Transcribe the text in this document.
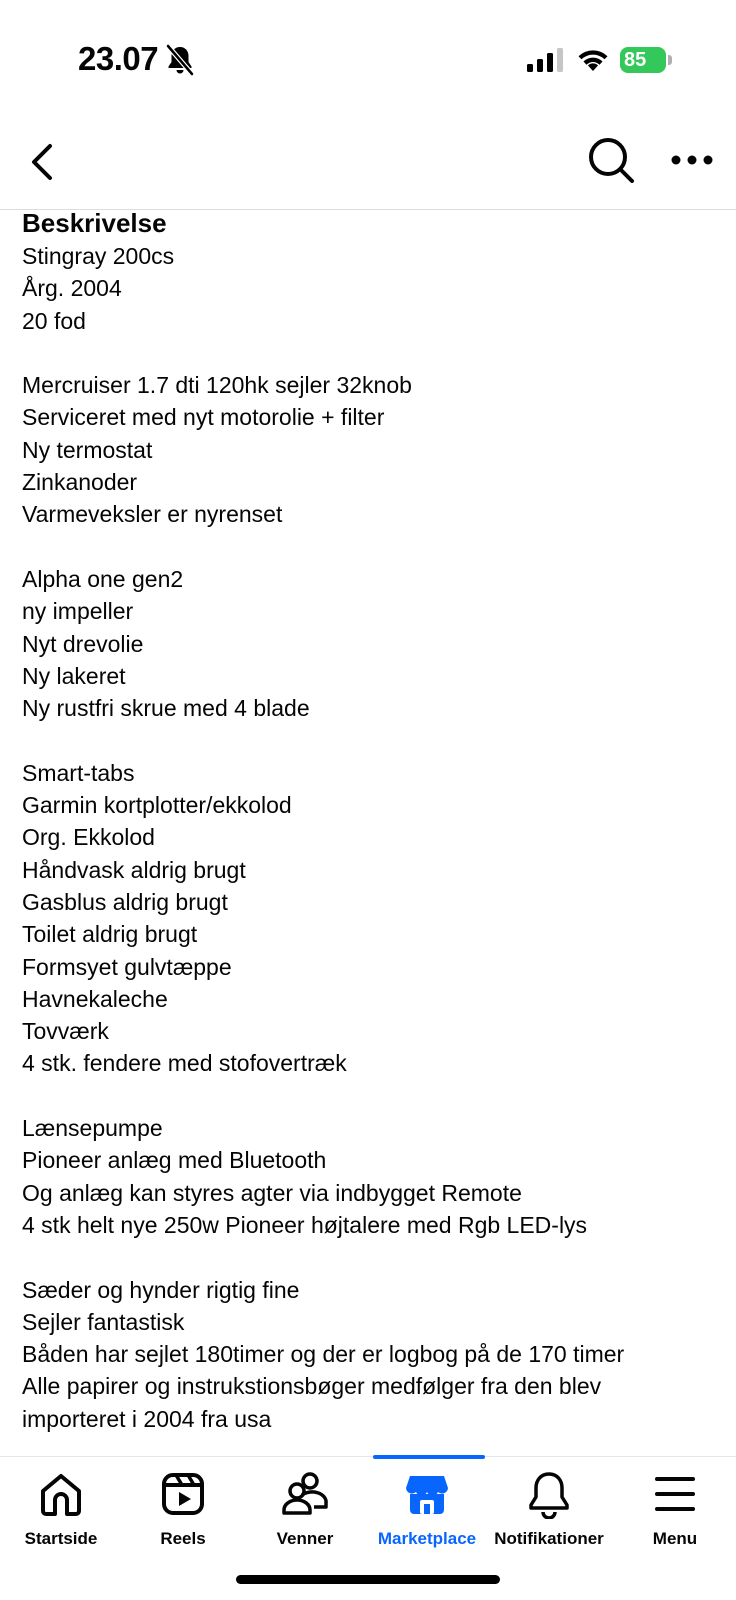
23.07	85
Beskrivelse
Stingray 200cs
Årg. 2004
20 fod
Mercruiser 1.7 dti 120hk sejler 32knob
Serviceret med nyt motorolie + filter
Ny termostat
Zinkanoder
Varmeveksler er nyrenset
Alpha one gen2
ny impeller
Nyt drevolie
Ny lakeret
Ny rustfri skrue med 4 blade
Smart-tabs
Garmin kortplotter/ekkolod
Org. Ekkolod
Håndvask aldrig brugt
Gasblus aldrig brugt
Toilet aldrig brugt
Formsyet gulvtæppe
Havnekaleche
Tovværk
4 stk. fendere med stofovertræk
Lænsepumpe
Pioneer anlæg med Bluetooth
Og anlæg kan styres agter via indbygget Remote
4 stk helt nye 250w Pioneer højtalere med Rgb LED-lys
Sæder og hynder rigtig fine
Sejler fantastisk
Båden har sejlet 180timer og der er logbog på de 170 timer
Alle papirer og instrukstionsbøger medfølger fra den blev
importeret i 2004 fra usa
Startside	Reels	Venner	Marketplace	Notifikationer	Menu
